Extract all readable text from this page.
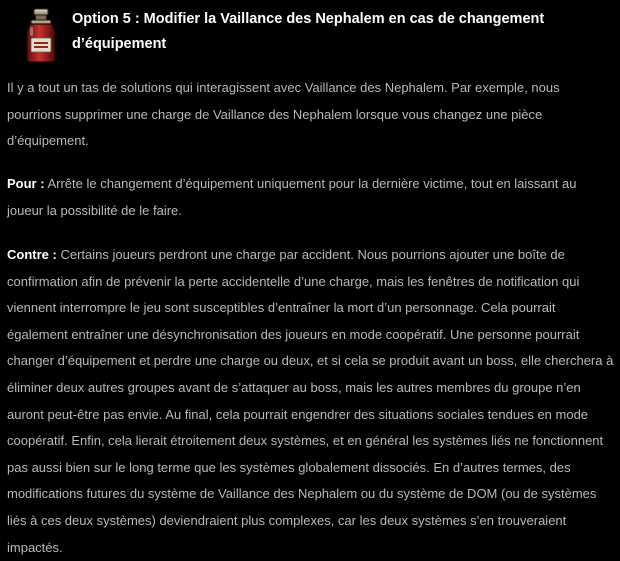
Option 5 : Modifier la Vaillance des Nephalem en cas de changement d’équipement

Il y a tout un tas de solutions qui interagissent avec Vaillance des Nephalem. Par exemple, nous pourrions supprimer une charge de Vaillance des Nephalem lorsque vous changez une pièce d’équipement.

Pour : Arrête le changement d’équipement uniquement pour la dernière victime, tout en laissant au joueur la possibilité de le faire.

Contre : Certains joueurs perdront une charge par accident. Nous pourrions ajouter une boîte de confirmation afin de prévenir la perte accidentelle d’une charge, mais les fenêtres de notification qui viennent interrompre le jeu sont susceptibles d’entraîner la mort d’un personnage. Cela pourrait également entraîner une désynchronisation des joueurs en mode coopératif. Une personne pourrait changer d’équipement et perdre une charge ou deux, et si cela se produit avant un boss, elle cherchera à éliminer deux autres groupes avant de s’attaquer au boss, mais les autres membres du groupe n’en auront peut-être pas envie. Au final, cela pourrait engendrer des situations sociales tendues en mode coopératif. Enfin, cela lierait étroitement deux systèmes, et en général les systèmes liés ne fonctionnent pas aussi bien sur le long terme que les systèmes globalement dissociés. En d’autres termes, des modifications futures du système de Vaillance des Nephalem ou du système de DOM (ou de systèmes liés à ces deux systèmes) deviendraient plus complexes, car les deux systèmes s’en trouveraient impactés.
